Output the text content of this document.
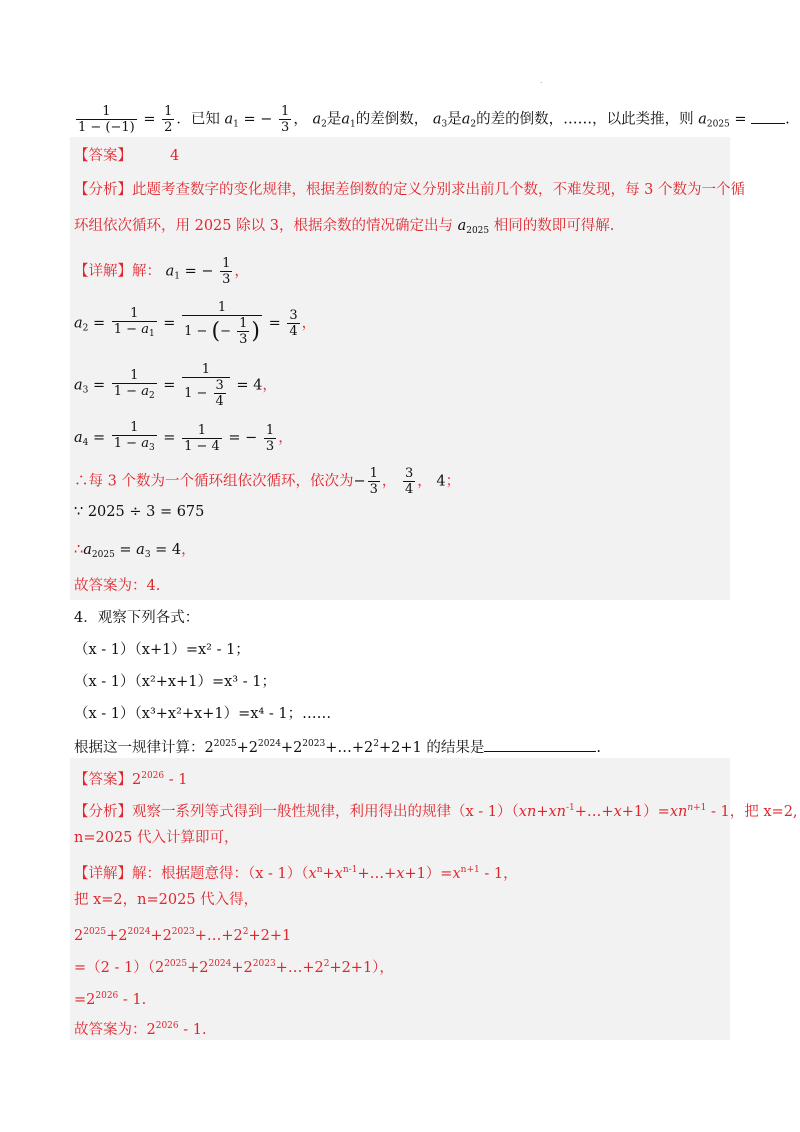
.
$\frac{1}{1 - (-1)} = \frac{1}{2}$ ．已知 $a_1$ = − $\frac{1}{3}$ ， $a_2$是$a_1$的差倒数， $a_3$是$a_2$的差的倒数，……，以此类推，则 $a_{2025}$ = .
【答案】	4
【分析】此题考查数字的变化规律，根据差倒数的定义分别求出前几个数，不难发现，每 3 个数为一个循
环组依次循环，用 2025 除以 3，根据余数的情况确定出与 $a_{2025}$ 相同的数即可得解.
【详解】解： $a_1$ = − $\frac{1}{3}$ ，
$a_2 = \frac{1}{1 - a_1} = \frac{1}{1 - (- \frac{1}{3} )} = \frac{3}{4}$ ，
$a_3 = \frac{1}{1 - a_2} = \frac{1}{1 - \frac{3}{4}} = 4$，
$a_4 = \frac{1}{1 - a_3} = \frac{1}{1 - 4}$ = − $\frac{1}{3}$ ，
∴每 3 个数为一个循环组依次循环，依次为− $\frac{1}{3}$ ， $\frac{3}{4}$ ， 4；
∵ 2025 ÷ 3 = 675
$\therefore a_{2025} = a_3 = 4$，
故答案为：4.
4．观察下列各式：
（x - 1）（x+1）=x² - 1；
（x - 1）（x²+x+1）=x³ - 1；
（x - 1）（x³+x²+x+1）=x⁴ - 1；……
根据这一规律计算：$2^{2025}+2^{2024}+2^{2023}+\dots+2^2+2+1$ 的结果是	.
【答案】$2^{2026} - 1$
【分析】观察一系列等式得到一般性规律，利用得出的规律$(x - 1)(xn+xn^{-1}+\dots+x+1)=xn^{n+1} - 1$，把 x=2,
n=2025 代入计算即可，
【详解】解：根据题意得：$(x - 1)(x^n+x^{n-1}+\dots+x+1)=x^{n+1} - 1$，
把 x=2，n=2025 代入得，
$2^{2025}+2^{2024}+2^{2023}+\dots+2^2+2+1$
$=(2 - 1)(2^{2025}+2^{2024}+2^{2023}+\dots+2^2+2+1)$，
$=2^{2026} - 1$.
故答案为：$2^{2026} - 1$.
